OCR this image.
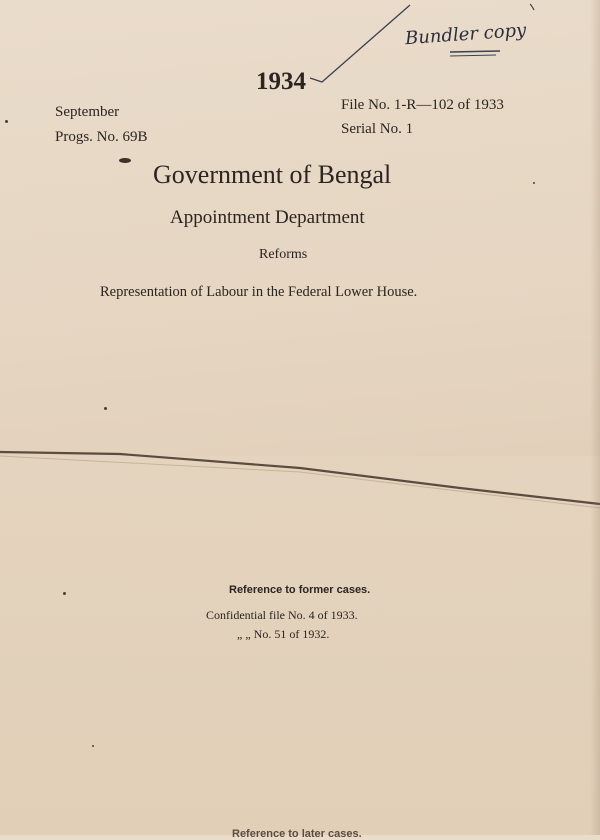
Bundler copy
1934
September
Progs. No. 69B
File No. 1-R—102 of 1933
Serial No. 1
Government of Bengal
Appointment Department
Reforms
Representation of Labour in the Federal Lower House.
Reference to former cases.
Confidential file No. 4 of 1933.
„ „ No. 51 of 1932.
Reference to later cases.
